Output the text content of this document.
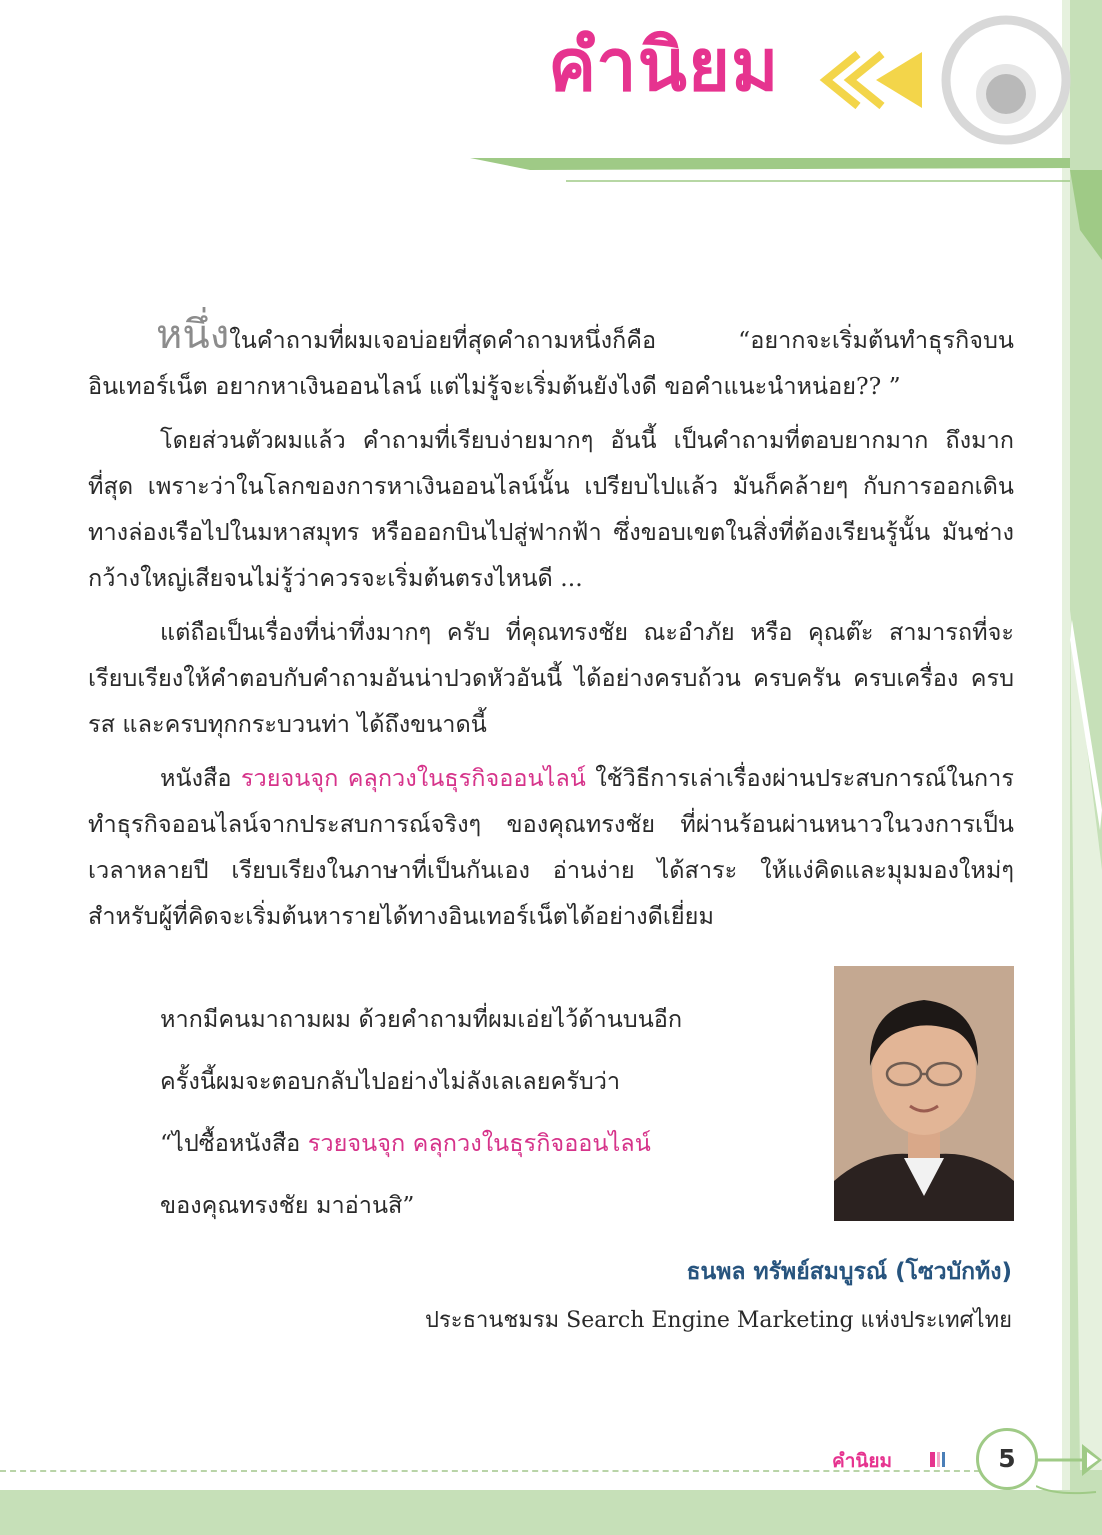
คำนิยม

หนึ่งในคำถามที่ผมเจอบ่อยที่สุดคำถามหนึ่งก็คือ “อยากจะเริ่มต้นทำธุรกิจบนอินเทอร์เน็ต อยากหาเงินออนไลน์ แต่ไม่รู้จะเริ่มต้นยังไงดี ขอคำแนะนำหน่อย?? ”

โดยส่วนตัวผมแล้ว คำถามที่เรียบง่ายมากๆ อันนี้ เป็นคำถามที่ตอบยากมาก ถึงมากที่สุด เพราะว่าในโลกของการหาเงินออนไลน์นั้น เปรียบไปแล้ว มันก็คล้ายๆ กับการออกเดินทางล่องเรือไปในมหาสมุทร หรือออกบินไปสู่ฟากฟ้า ซึ่งขอบเขตในสิ่งที่ต้องเรียนรู้นั้น มันช่างกว้างใหญ่เสียจนไม่รู้ว่าควรจะเริ่มต้นตรงไหนดี ...

แต่ถือเป็นเรื่องที่น่าทึ่งมากๆ ครับ ที่คุณทรงชัย ณะอำภัย หรือ คุณต๊ะ สามารถที่จะเรียบเรียงให้คำตอบกับคำถามอันน่าปวดหัวอันนี้ ได้อย่างครบถ้วน ครบครัน ครบเครื่อง ครบรส และครบทุกกระบวนท่า ได้ถึงขนาดนี้

หนังสือ รวยจนจุก คลุกวงในธุรกิจออนไลน์ ใช้วิธีการเล่าเรื่องผ่านประสบการณ์ในการทำธุรกิจออนไลน์จากประสบการณ์จริงๆ ของคุณทรงชัย ที่ผ่านร้อนผ่านหนาวในวงการเป็นเวลาหลายปี เรียบเรียงในภาษาที่เป็นกันเอง อ่านง่าย ได้สาระ ให้แง่คิดและมุมมองใหม่ๆ สำหรับผู้ที่คิดจะเริ่มต้นหารายได้ทางอินเทอร์เน็ตได้อย่างดีเยี่ยม

หากมีคนมาถามผม ด้วยคำถามที่ผมเอ่ยไว้ด้านบนอีก
ครั้งนี้ผมจะตอบกลับไปอย่างไม่ลังเลเลยครับว่า
“ไปซื้อหนังสือ รวยจนจุก คลุกวงในธุรกิจออนไลน์
ของคุณทรงชัย มาอ่านสิ”

ธนพล ทรัพย์สมบูรณ์ (โซวบักท้ง)

ประธานชมรม Search Engine Marketing แห่งประเทศไทย

คำนิยม	5
